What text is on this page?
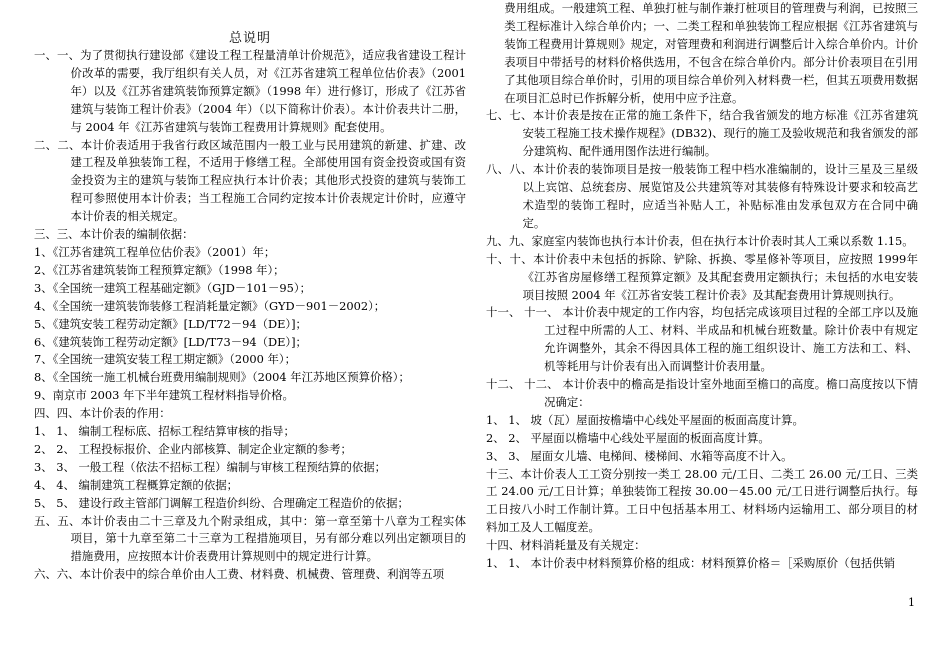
总说明
一、一、为了贯彻执行建设部《建设工程工程量清单计价规范》，适应我省建设工程计价改革的需要，我厅组织有关人员，对《江苏省建筑工程单位估价表》（2001年）以及《江苏省建筑装饰预算定额》（1998 年）进行修订，形成了《江苏省建筑与装饰工程计价表》（2004 年）（以下简称计价表）。本计价表共计二册，与 2004 年《江苏省建筑与装饰工程费用计算规则》配套使用。
二、二、本计价表适用于我省行政区域范围内一般工业与民用建筑的新建、扩建、改建工程及单独装饰工程，不适用于修缮工程。全部使用国有资金投资或国有资金投资为主的建筑与装饰工程应执行本计价表；其他形式投资的建筑与装饰工程可参照使用本计价表；当工程施工合同约定按本计价表规定计价时，应遵守本计价表的相关规定。
三、三、本计价表的编制依据：
1、《江苏省建筑工程单位估价表》（2001）年；
2、《江苏省建筑装饰工程预算定额》（1998 年）；
3、《全国统一建筑工程基础定额》（GJD－101－95）；
4、《全国统一建筑装饰装修工程消耗量定额》（GYD－901－2002）；
5、《建筑安装工程劳动定额》[LD/T72－94（DE）]；
6、《建筑装饰工程劳动定额》[LD/T73－94（DE）]；
7、《全国统一建筑安装工程工期定额》（2000 年）；
8、《全国统一施工机械台班费用编制规则》（2004 年江苏地区预算价格）；
9、南京市 2003 年下半年建筑工程材料指导价格。
四、四、本计价表的作用：
1、 1、 编制工程标底、招标工程结算审核的指导；
2、 2、 工程投标报价、企业内部核算、制定企业定额的参考；
3、 3、 一般工程（依法不招标工程）编制与审核工程预结算的依据；
4、 4、 编制建筑工程概算定额的依据；
5、 5、 建设行政主管部门调解工程造价纠纷、合理确定工程造价的依据；
五、五、本计价表由二十三章及九个附录组成，其中：第一章至第十八章为工程实体项目，第十九章至第二十三章为工程措施项目，另有部分难以列出定额项目的措施费用，应按照本计价表费用计算规则中的规定进行计算。
六、六、本计价表中的综合单价由人工费、材料费、机械费、管理费、利润等五项
费用组成。一般建筑工程、单独打桩与制作兼打桩项目的管理费与利润，已按照三类工程标准计入综合单价内；一、二类工程和单独装饰工程应根据《江苏省建筑与装饰工程费用计算规则》规定，对管理费和利润进行调整后计入综合单价内。计价表项目中带括号的材料价格供选用，不包含在综合单价内。部分计价表项目在引用了其他项目综合单价时，引用的项目综合单价列入材料费一栏，但其五项费用数据在项目汇总时已作拆解分析，使用中应予注意。
七、七、本计价表是按在正常的施工条件下，结合我省颁发的地方标准《江苏省建筑安装工程施工技术操作规程》(DB32)、现行的施工及验收规范和我省颁发的部分建筑构、配件通用图作法进行编制。
八、八、本计价表的装饰项目是按一般装饰工程中档水准编制的，设计三星及三星级以上宾馆、总统套房、展览馆及公共建筑等对其装修有特殊设计要求和较高艺术造型的装饰工程时，应适当补贴人工，补贴标准由发承包双方在合同中确定。
九、九、家庭室内装饰也执行本计价表，但在执行本计价表时其人工乘以系数 1.15。
十、十、本计价表中未包括的拆除、铲除、拆换、零星修补等项目，应按照 1999年《江苏省房屋修缮工程预算定额》及其配套费用定额执行；未包括的水电安装项目按照 2004 年《江苏省安装工程计价表》及其配套费用计算规则执行。
十一、 十一、 本计价表中规定的工作内容，均包括完成该项目过程的全部工序以及施工过程中所需的人工、材料、半成品和机械台班数量。除计价表中有规定允许调整外，其余不得因具体工程的施工组织设计、施工方法和工、料、机等耗用与计价表有出入而调整计价表用量。
十二、 十二、 本计价表中的檐高是指设计室外地面至檐口的高度。檐口高度按以下情况确定：
1、 1、 坡（瓦）屋面按檐墙中心线处平屋面的板面高度计算。
2、 2、 平屋面以檐墙中心线处平屋面的板面高度计算。
3、 3、 屋面女儿墙、电梯间、楼梯间、水箱等高度不计入。
十三、本计价表人工工资分别按一类工 28.00 元/工日、二类工 26.00 元/工日、三类工 24.00 元/工日计算；单独装饰工程按 30.00－45.00 元/工日进行调整后执行。每工日按八小时工作制计算。工日中包括基本用工、材料场内运输用工、部分项目的材料加工及人工幅度差。
十四、材料消耗量及有关规定：
1、 1、 本计价表中材料预算价格的组成：材料预算价格＝［采购原价（包括供销
1
